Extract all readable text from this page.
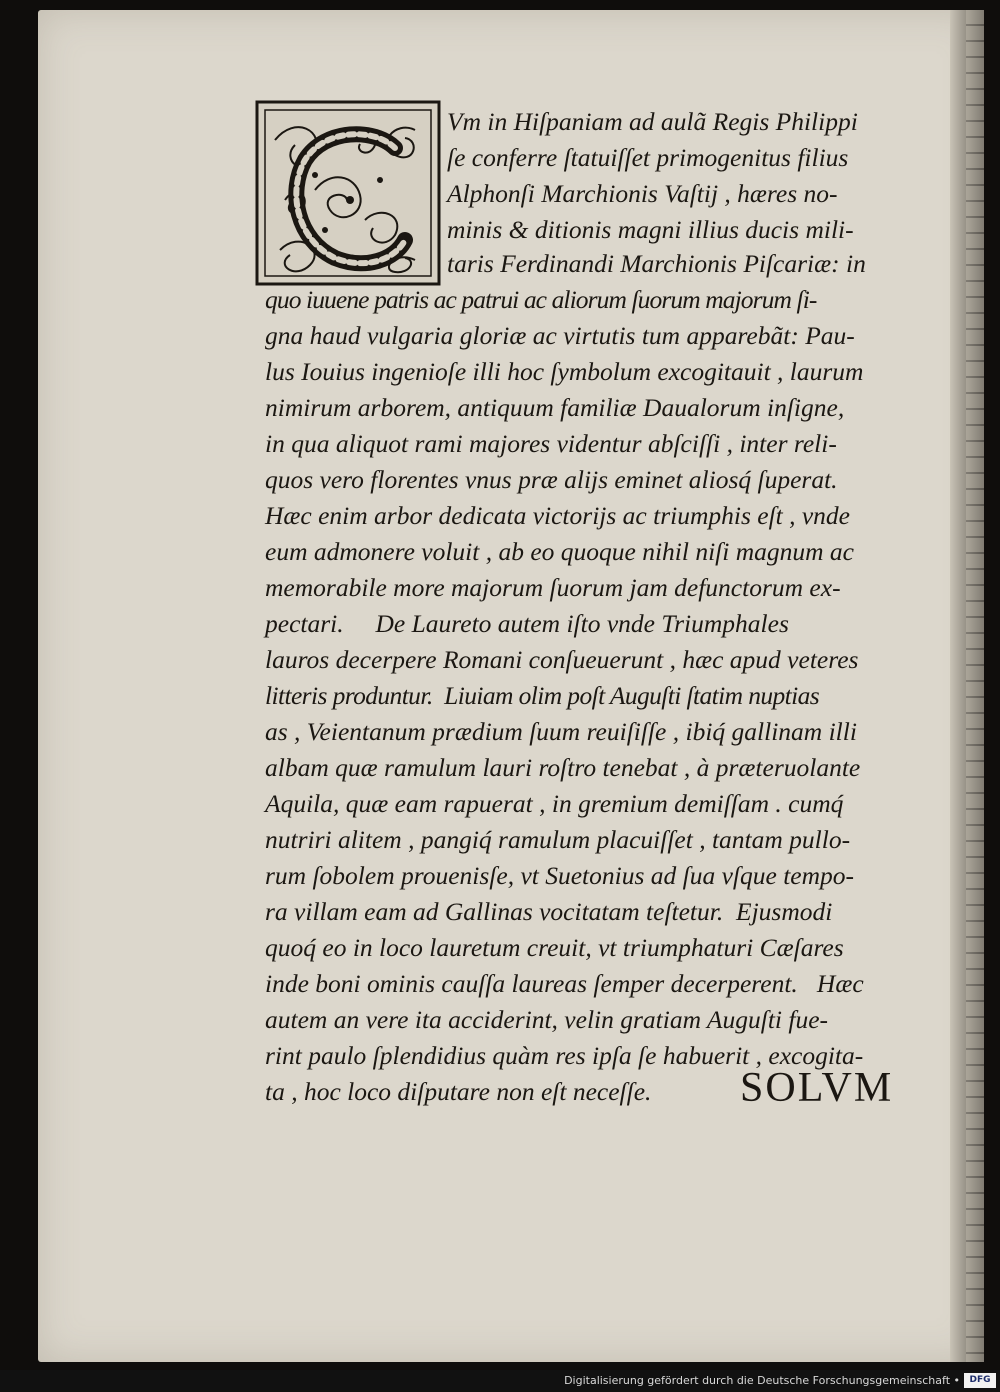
Vm in Hiſpaniam ad aulã Regis Philippi
ſe conferre ſtatuiſſet primogenitus filius
Alphonſi Marchionis Vaſtij , hæres no-
minis & ditionis magni illius ducis mili-
taris Ferdinandi Marchionis Piſcariæ: in
quo iuuene patris ac patrui ac aliorum ſuorum majorum ſi-
gna haud vulgaria gloriæ ac virtutis tum apparebãt: Pau-
lus Iouius ingenioſe illi hoc ſymbolum excogitauit , laurum
nimirum arborem, antiquum familiæ Daualorum inſigne,
in qua aliquot rami majores videntur abſciſſi , inter reli-
quos vero florentes vnus præ alijs eminet aliosq́ ſuperat.
Hæc enim arbor dedicata victorijs ac triumphis eſt , vnde
eum admonere voluit , ab eo quoque nihil niſi magnum ac
memorabile more majorum ſuorum jam defunctorum ex-
pectari.     De Laureto autem iſto vnde Triumphales
lauros decerpere Romani conſueuerunt , hæc apud veteres
litteris produntur.  Liuiam olim poſt Auguſti ſtatim nuptias
as , Veientanum prædium ſuum reuiſiſſe , ibiq́ gallinam illi
albam quæ ramulum lauri roſtro tenebat , à præteruolante
Aquila, quæ eam rapuerat , in gremium demiſſam . cumq́
nutriri alitem , pangiq́ ramulum placuiſſet , tantam pullo-
rum ſobolem prouenisſe, vt Suetonius ad ſua vſque tempo-
ra villam eam ad Gallinas vocitatam teſtetur.  Ejusmodi
quoq́ eo in loco lauretum creuit, vt triumphaturi Cæſares
inde boni ominis cauſſa laureas ſemper decerperent.   Hæc
autem an vere ita acciderint, velin gratiam Auguſti fue-
rint paulo ſplendidius quàm res ipſa ſe habuerit , excogita-
ta , hoc loco diſputare non eſt neceſſe. SOLVM
Digitalisierung gefördert durch die Deutsche Forschungsgemeinschaft •	DFG
